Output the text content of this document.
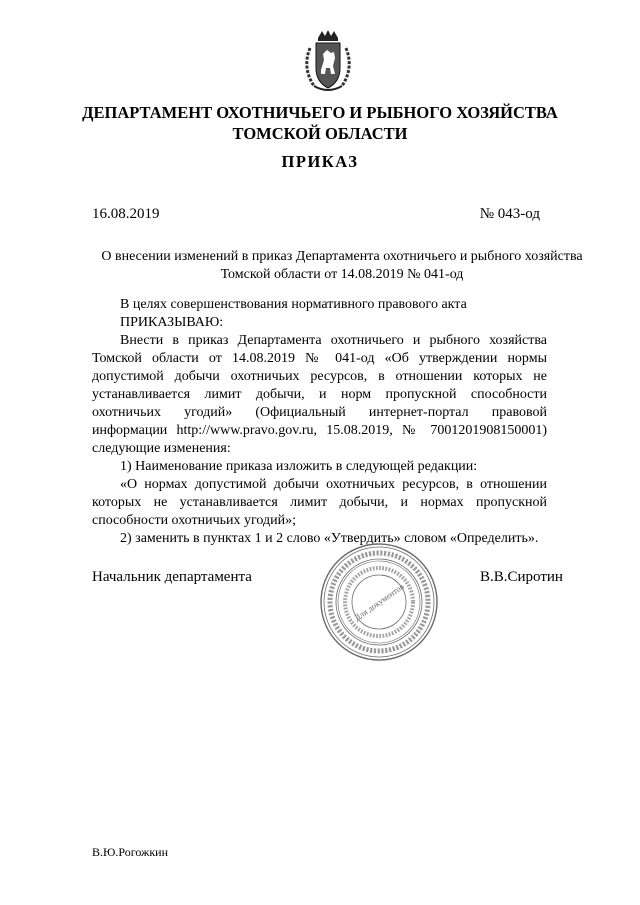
ДЕПАРТАМЕНТ ОХОТНИЧЬЕГО И РЫБНОГО ХОЗЯЙСТВА
ТОМСКОЙ ОБЛАСТИ
ПРИКАЗ
16.08.2019	№ 043-од
О внесении изменений в приказ Департамента охотничьего и рыбного хозяйства
Томской области от 14.08.2019 № 041-од

В целях совершенствования нормативного правового акта

ПРИКАЗЫВАЮ:

Внести в приказ Департамента охотничьего и рыбного хозяйства Томской области от 14.08.2019 № 041-од «Об утверждении нормы допустимой добычи охотничьих ресурсов, в отношении которых не устанавливается лимит добычи, и норм пропускной способности охотничьих угодий» (Официальный интернет-портал правовой информации http://www.pravo.gov.ru, 15.08.2019, № 7001201908150001) следующие изменения:

1) Наименование приказа изложить в следующей редакции:

«О нормах допустимой добычи охотничьих ресурсов, в отношении которых не устанавливается лимит добычи, и нормах пропускной способности охотничьих угодий»;

2) заменить в пунктах 1 и 2 слово «Утвердить» словом «Определить».

Начальник департамента
Для документов
В.В.Сиротин
В.Ю.Рогожкин
